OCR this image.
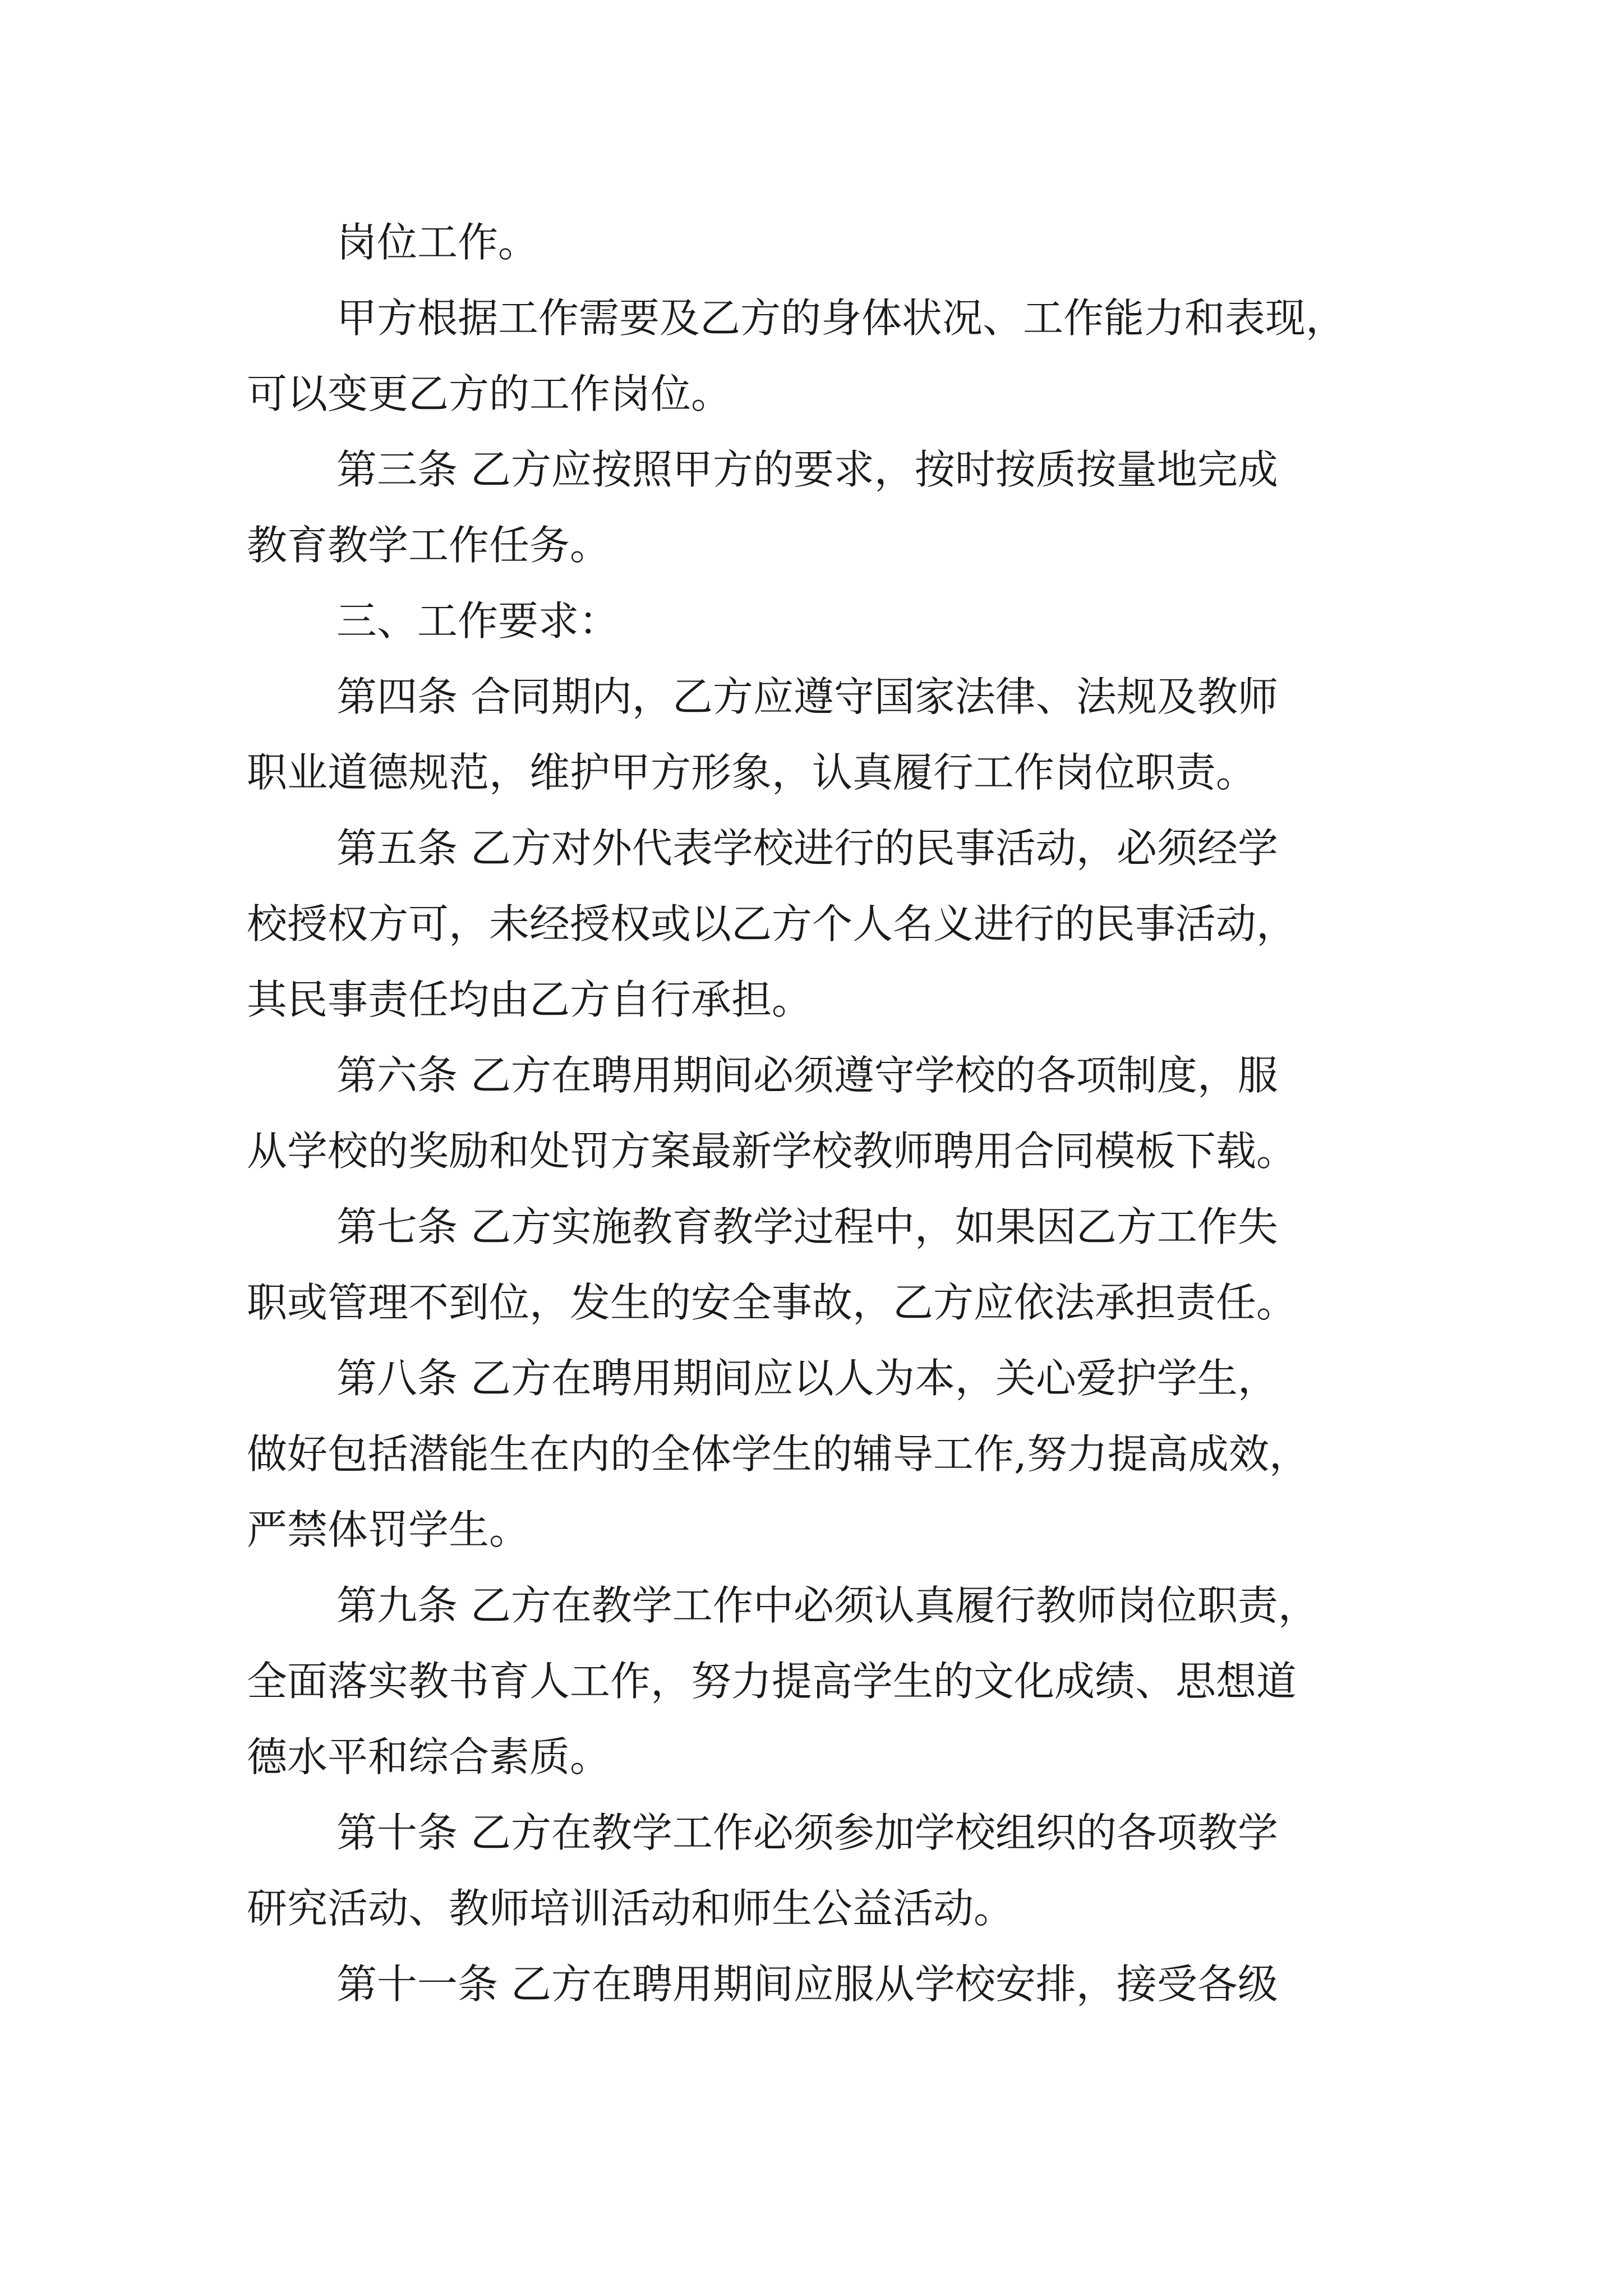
岗位工作。
甲方根据工作需要及乙方的身体状况、工作能力和表现，
可以变更乙方的工作岗位。
第三条 乙方应按照甲方的要求，按时按质按量地完成
教育教学工作任务。
三、工作要求：
第四条 合同期内，乙方应遵守国家法律、法规及教师
职业道德规范，维护甲方形象，认真履行工作岗位职责。
第五条 乙方对外代表学校进行的民事活动，必须经学
校授权方可，未经授权或以乙方个人名义进行的民事活动，
其民事责任均由乙方自行承担。
第六条 乙方在聘用期间必须遵守学校的各项制度，服
从学校的奖励和处罚方案最新学校教师聘用合同模板下载。
第七条 乙方实施教育教学过程中，如果因乙方工作失
职或管理不到位，发生的安全事故，乙方应依法承担责任。
第八条 乙方在聘用期间应以人为本，关心爱护学生，
做好包括潜能生在内的全体学生的辅导工作,努力提高成效，
严禁体罚学生。
第九条 乙方在教学工作中必须认真履行教师岗位职责，
全面落实教书育人工作，努力提高学生的文化成绩、思想道
德水平和综合素质。
第十条 乙方在教学工作必须参加学校组织的各项教学
研究活动、教师培训活动和师生公益活动。
第十一条 乙方在聘用期间应服从学校安排，接受各级
